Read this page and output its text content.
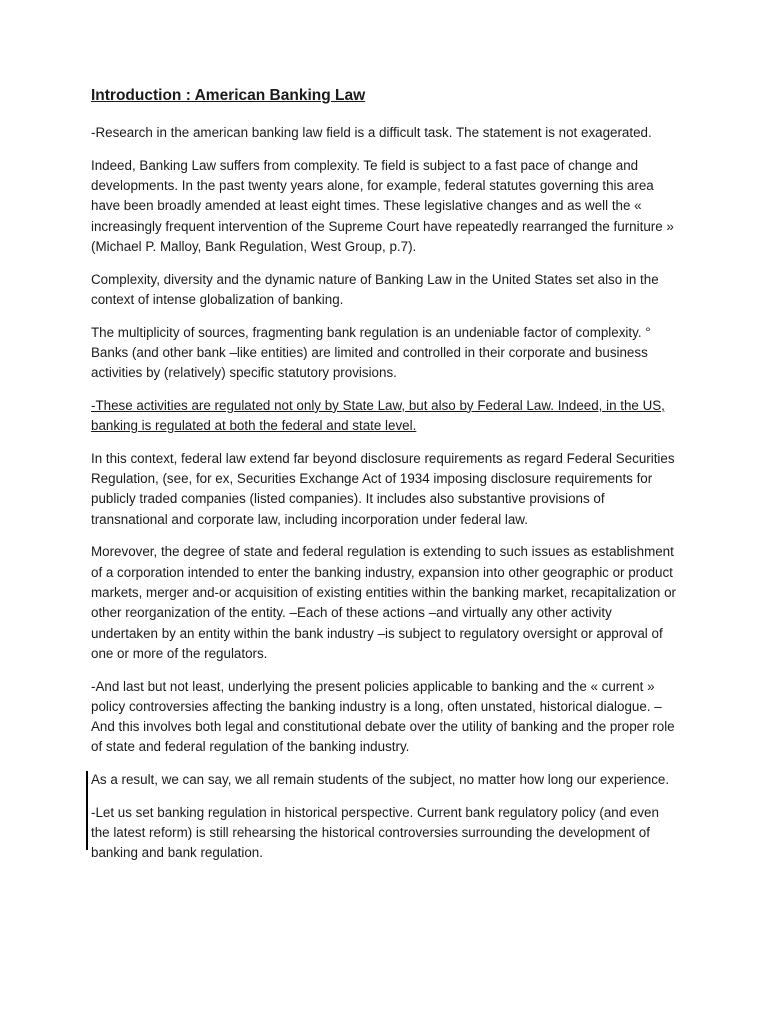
Introduction : American Banking Law

-Research in the american banking law field is a difficult task. The statement is not exagerated.

Indeed, Banking Law suffers from complexity. Te field is subject to a fast pace of change and developments. In the past twenty years alone, for example, federal statutes governing this area have been broadly amended at least eight times. These legislative changes and as well the « increasingly frequent intervention of the Supreme Court have repeatedly rearranged the furniture » (Michael P. Malloy, Bank Regulation, West Group, p.7).

Complexity, diversity and the dynamic nature of Banking Law in the United States set also in the context of intense globalization of banking.

The multiplicity of sources, fragmenting bank regulation is an undeniable factor of complexity. ° Banks (and other bank –like entities) are limited and controlled in their corporate and business activities by (relatively) specific statutory provisions.

-These activities are regulated not only by State Law, but also by Federal Law. Indeed, in the US, banking is regulated at both the federal and state level.

In this context, federal law extend far beyond disclosure requirements as regard Federal Securities Regulation, (see, for ex, Securities Exchange Act of 1934 imposing disclosure requirements for publicly traded companies (listed companies). It includes also substantive provisions of transnational and corporate law, including incorporation under federal law.

Morevover, the degree of state and federal regulation is extending to such issues as establishment of a corporation intended to enter the banking industry, expansion into other geographic or product markets, merger and-or acquisition of existing entities within the banking market, recapitalization or other reorganization of the entity. –Each of these actions –and virtually any other activity undertaken by an entity within the bank industry –is subject to regulatory oversight or approval of one or more of the regulators.

-And last but not least, underlying the present policies applicable to banking and the « current » policy controversies affecting the banking industry is a long, often unstated, historical dialogue. –And this involves both legal and constitutional debate over the utility of banking and the proper role of state and federal regulation of the banking industry.

As a result, we can say, we all remain students of the subject, no matter how long our experience.

-Let us set banking regulation in historical perspective. Current bank regulatory policy (and even the latest reform) is still rehearsing the historical controversies surrounding the development of banking and bank regulation.
